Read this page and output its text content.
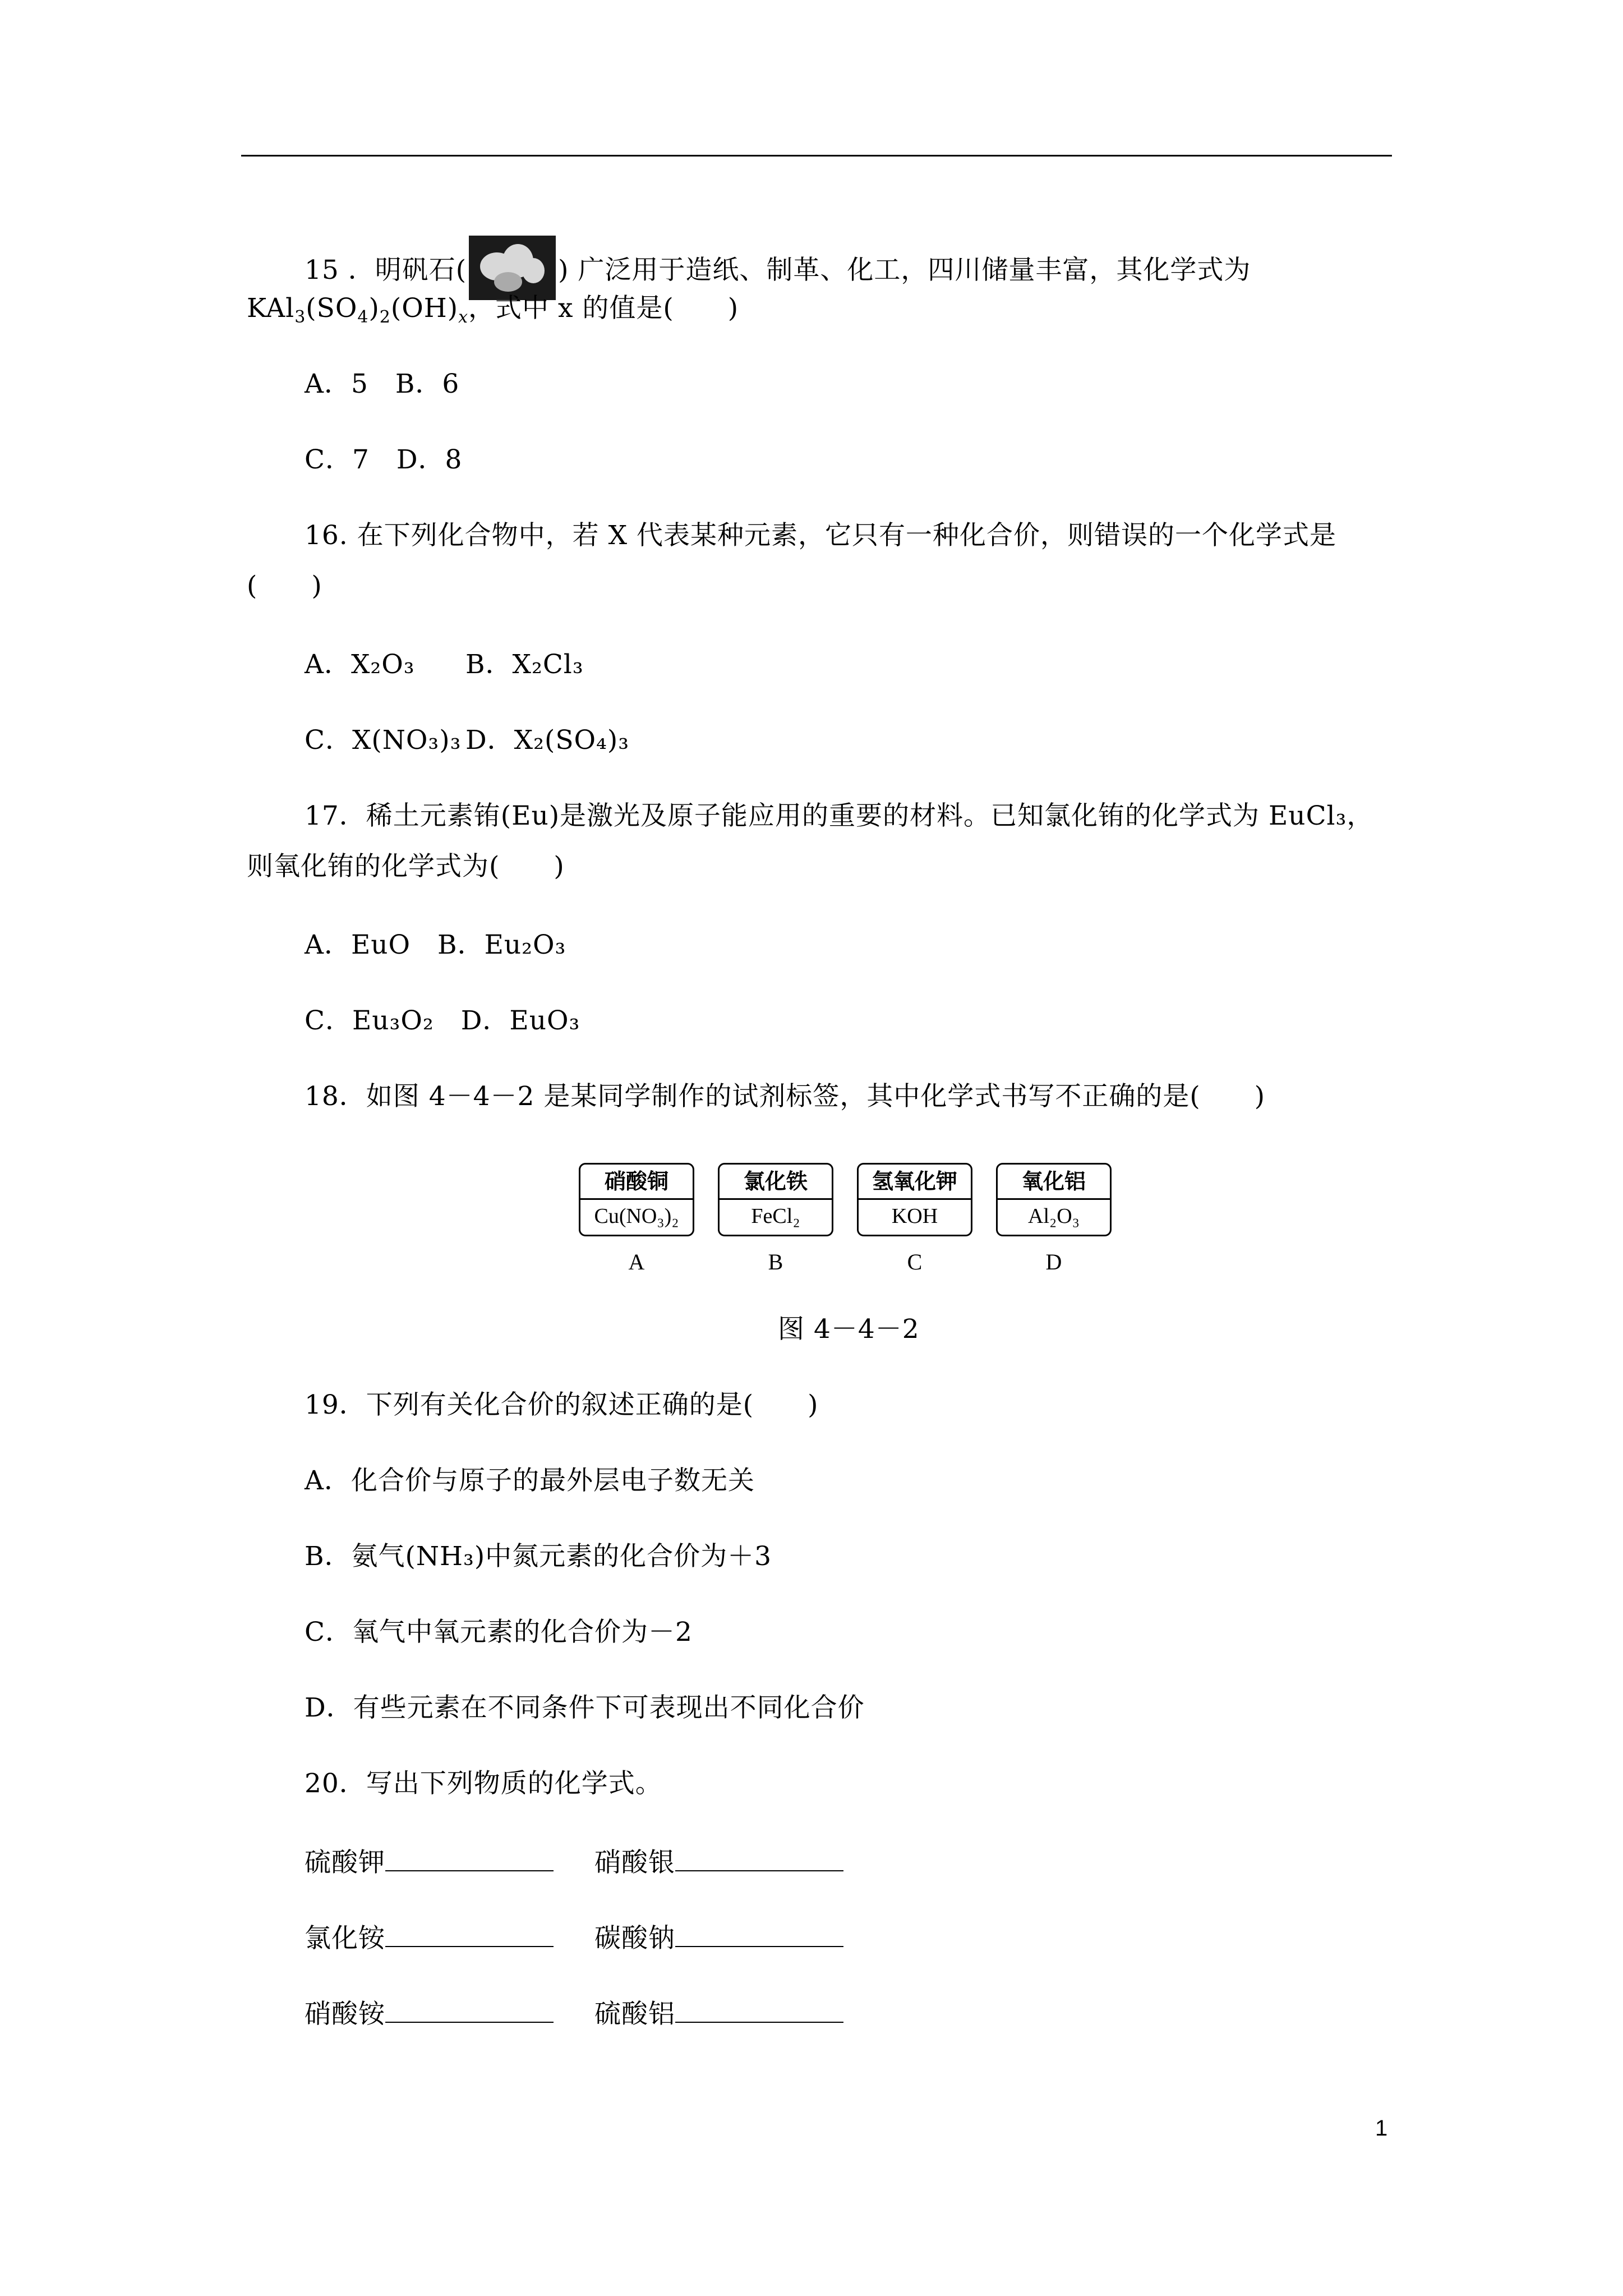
15 ．明矾石(	) 广泛用于造纸、制革、化工，四川储量丰富，其化学式为
$KAl_3(SO_4)_2(OH)_x$，式中 x 的值是(　　)
A．5　B．6
C．7　D．8
16. 在下列化合物中，若 X 代表某种元素，它只有一种化合价，则错误的一个化学式是
(　　)
A．X₂O₃ B．X₂Cl₃
C．X(NO₃)₃ D．X₂(SO₄)₃
17．稀土元素铕(Eu)是激光及原子能应用的重要的材料。已知氯化铕的化学式为 EuCl₃，
则氧化铕的化学式为(　　)
A．EuO　B．Eu₂O₃
C．Eu₃O₂　D．EuO₃
18．如图 4－4－2 是某同学制作的试剂标签，其中化学式书写不正确的是(　　)
硝酸铜
Cu(NO₃)₂
A
氯化铁
FeCl₂
B
氢氧化钾
KOH
C
氧化铝
Al₂O₃
D
图 4－4－2
19．下列有关化合价的叙述正确的是(　　)
A．化合价与原子的最外层电子数无关
B．氨气(NH₃)中氮元素的化合价为＋3
C．氧气中氧元素的化合价为－2
D．有些元素在不同条件下可表现出不同化合价
20．写出下列物质的化学式。
硫酸钾	硝酸银
氯化铵	碳酸钠
硝酸铵	硫酸铝
1
